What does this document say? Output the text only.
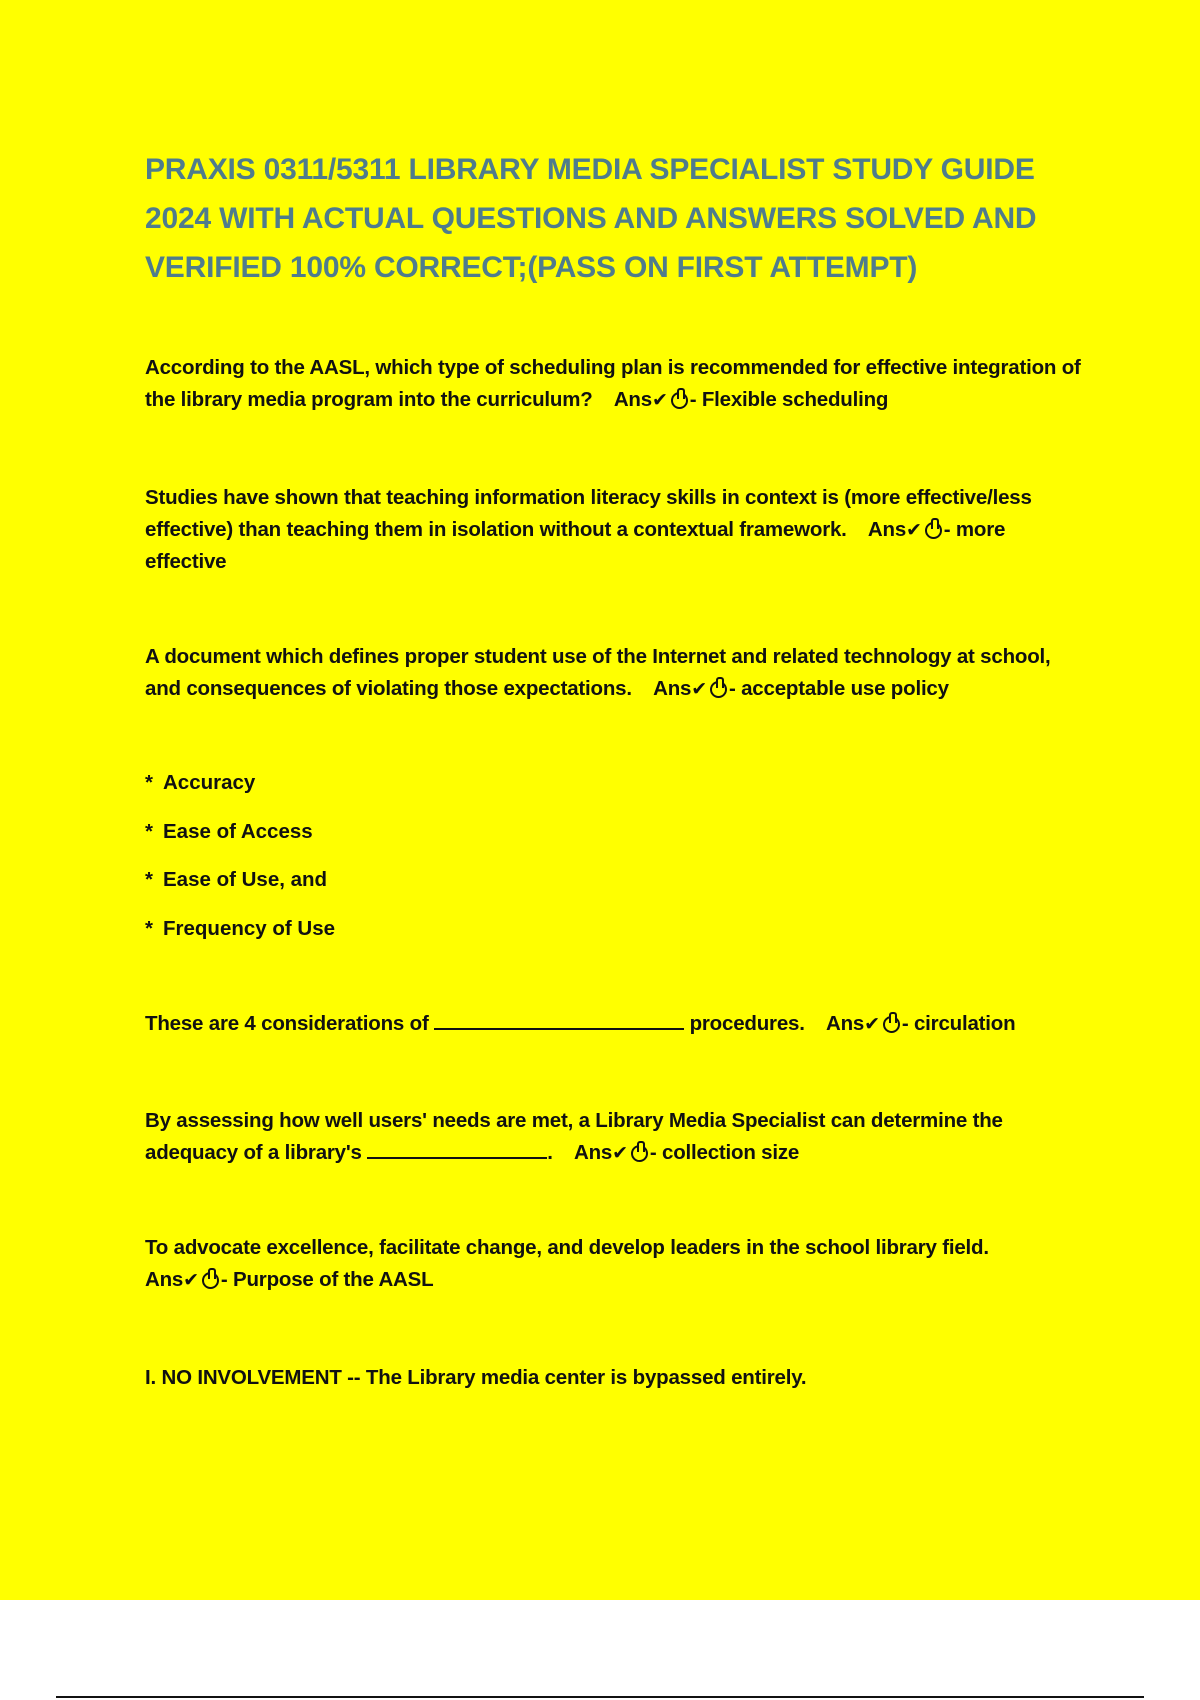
PRAXIS 0311/5311 LIBRARY MEDIA SPECIALIST STUDY GUIDE 2024 WITH ACTUAL QUESTIONS AND ANSWERS SOLVED AND VERIFIED 100% CORRECT;(PASS ON FIRST ATTEMPT)

According to the AASL, which type of scheduling plan is recommended for effective integration of the library media program into the curriculum? Ans✔ - Flexible scheduling

Studies have shown that teaching information literacy skills in context is (more effective/less effective) than teaching them in isolation without a contextual framework. Ans✔ - more effective

A document which defines proper student use of the Internet and related technology at school, and consequences of violating those expectations. Ans✔ - acceptable use policy

* Accuracy
* Ease of Access
* Ease of Use, and
* Frequency of Use

These are 4 considerations of	procedures. Ans✔ - circulation

By assessing how well users' needs are met, a Library Media Specialist can determine the adequacy of a library's	. Ans✔ - collection size

To advocate excellence, facilitate change, and develop leaders in the school library field.
Ans✔ - Purpose of the AASL

I. NO INVOLVEMENT -- The Library media center is bypassed entirely.
